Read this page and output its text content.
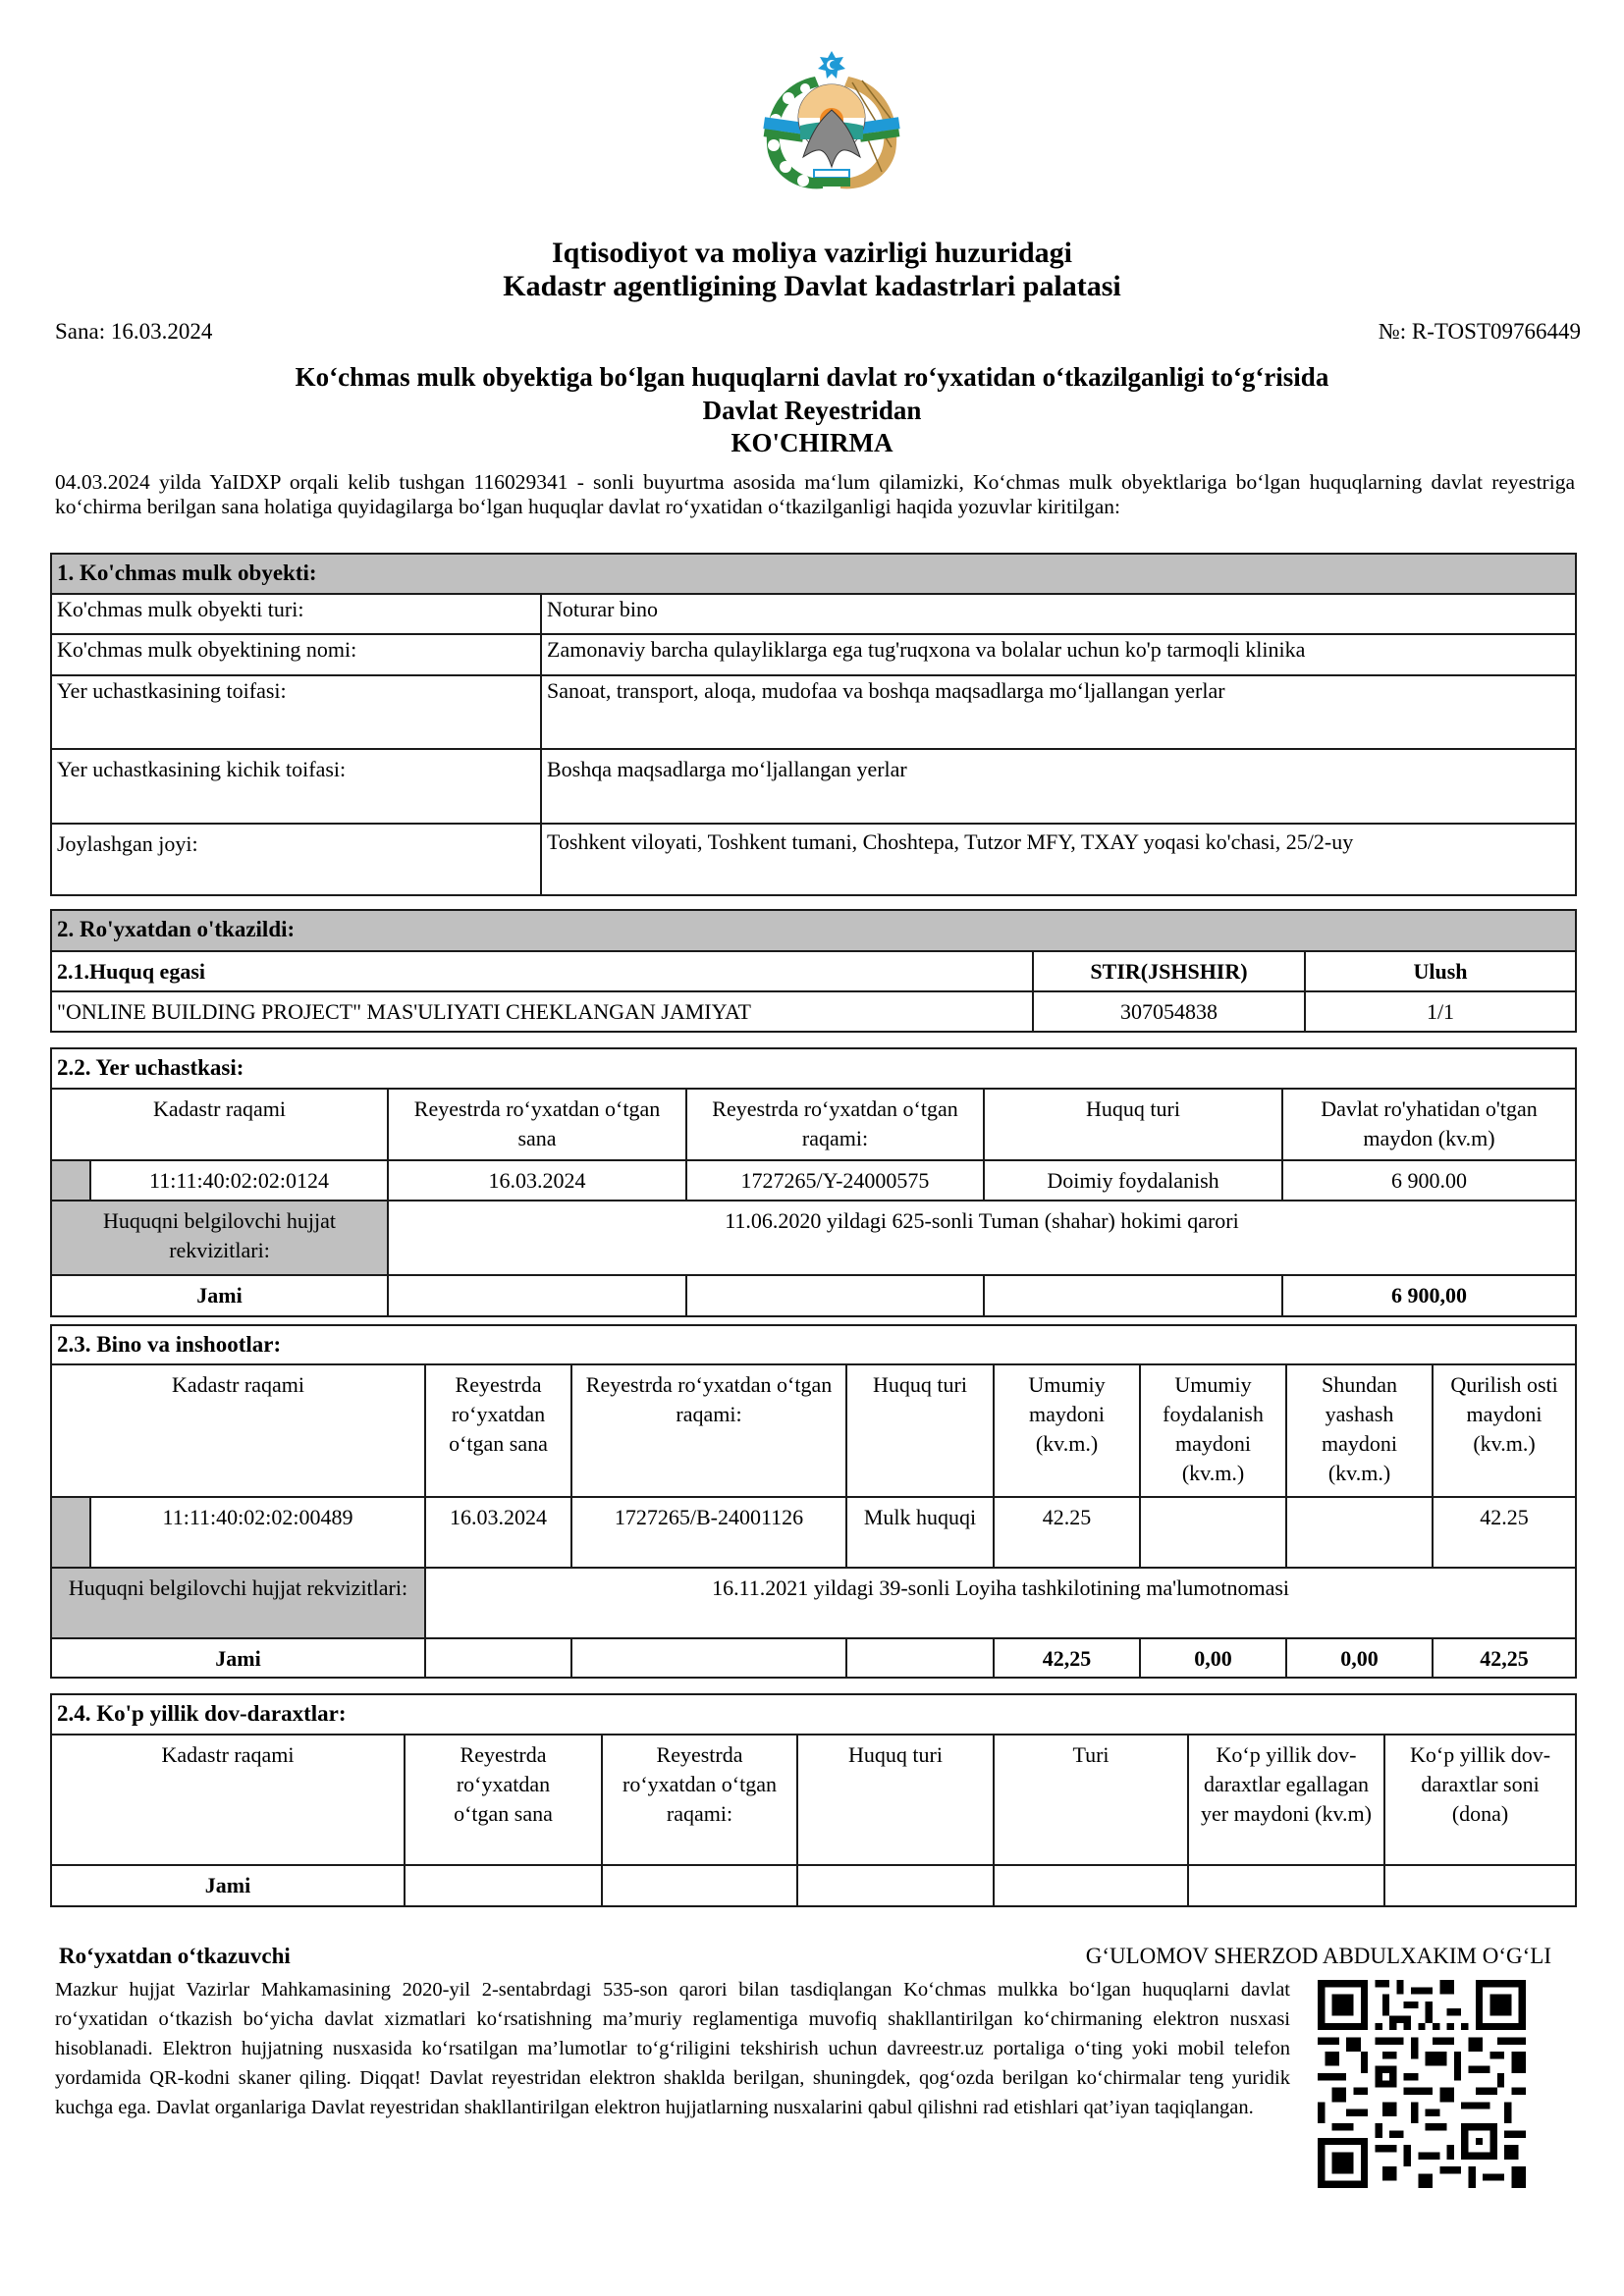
Iqtisodiyot va moliya vazirligi huzuridagi
Kadastr agentligining Davlat kadastrlari palatasi
Sana: 16.03.2024	№: R-TOST09766449
Ko‘chmas mulk obyektiga bo‘lgan huquqlarni davlat ro‘yxatidan o‘tkazilganligi to‘g‘risida
Davlat Reyestridan
KO'CHIRMA
04.03.2024 yilda YaIDXP orqali kelib tushgan 116029341 - sonli buyurtma asosida ma‘lum qilamizki, Ko‘chmas mulk obyektlariga bo‘lgan huquqlarning davlat reyestriga ko‘chirma berilgan sana holatiga quyidagilarga bo‘lgan huquqlar davlat ro‘yxatidan o‘tkazilganligi haqida yozuvlar kiritilgan:
1. Ko'chmas mulk obyekti:	
Ko'chmas mulk obyekti turi:	Noturar bino
Ko'chmas mulk obyektining nomi:	Zamonaviy barcha qulayliklarga ega tug'ruqxona va bolalar uchun ko'p tarmoqli klinika
Yer uchastkasining toifasi:	Sanoat, transport, aloqa, mudofaa va boshqa maqsadlarga mo‘ljallangan yerlar
Yer uchastkasining kichik toifasi:	Boshqa maqsadlarga mo‘ljallangan yerlar
Joylashgan joyi:	Toshkent viloyati, Toshkent tumani, Choshtepa, Tutzor MFY, TXAY yoqasi ko'chasi, 25/2-uy
2. Ro'yxatdan o'tkazildi:		
2.1.Huquq egasi	STIR(JSHSHIR)	Ulush
"ONLINE BUILDING PROJECT" MAS'ULIYATI CHEKLANGAN JAMIYAT	307054838	1/1
2.2. Yer uchastkasi:					
Kadastr raqami		Reyestrda ro‘yxatdan o‘tgan sana	Reyestrda ro‘yxatdan o‘tgan raqami:	Huquq turi	Davlat ro'yhatidan o'tgan maydon (kv.m)
	11:11:40:02:02:0124	16.03.2024	1727265/Y-24000575	Doimiy foydalanish	6 900.00
Huquqni belgilovchi hujjat rekvizitlari:		11.06.2020 yildagi 625-sonli Tuman (shahar) hokimi qarori			
Jami					6 900,00
2.3. Bino va inshootlar:								
Kadastr raqami		Reyestrda ro‘yxatdan o‘tgan sana	Reyestrda ro‘yxatdan o‘tgan raqami:	Huquq turi	Umumiy maydoni (kv.m.)	Umumiy foydalanish maydoni (kv.m.)	Shundan yashash maydoni (kv.m.)	Qurilish osti maydoni (kv.m.)
	11:11:40:02:02:00489	16.03.2024	1727265/B-24001126	Mulk huquqi	42.25			42.25
Huquqni belgilovchi hujjat rekvizitlari:		16.11.2021 yildagi 39-sonli Loyiha tashkilotining ma'lumotnomasi						
Jami					42,25	0,00	0,00	42,25
2.4. Ko'p yillik dov-daraxtlar:						
Kadastr raqami	Reyestrda ro‘yxatdan o‘tgan sana	Reyestrda ro‘yxatdan o‘tgan raqami:	Huquq turi	Turi	Ko‘p yillik dov-daraxtlar egallagan yer maydoni (kv.m)	Ko‘p yillik dov-daraxtlar soni (dona)
Jami						
Ro‘yxatdan o‘tkazuvchi	G‘ULOMOV SHERZOD ABDULXAKIM O‘G‘LI
Mazkur hujjat Vazirlar Mahkamasining 2020-yil 2-sentabrdagi 535-son qarori bilan tasdiqlangan Ko‘chmas mulkka bo‘lgan huquqlarni davlat ro‘yxatidan o‘tkazish bo‘yicha davlat xizmatlari ko‘rsatishning ma’muriy reglamentiga muvofiq shakllantirilgan ko‘chirmaning elektron nusxasi hisoblanadi. Elektron hujjatning nusxasida ko‘rsatilgan ma’lumotlar to‘g‘riligini tekshirish uchun davreestr.uz portaliga o‘ting yoki mobil telefon yordamida QR-kodni skaner qiling. Diqqat! Davlat reyestridan elektron shaklda berilgan, shuningdek, qog‘ozda berilgan ko‘chirmalar teng yuridik kuchga ega. Davlat organlariga Davlat reyestridan shakllantirilgan elektron hujjatlarning nusxalarini qabul qilishni rad etishlari qat’iyan taqiqlangan.
